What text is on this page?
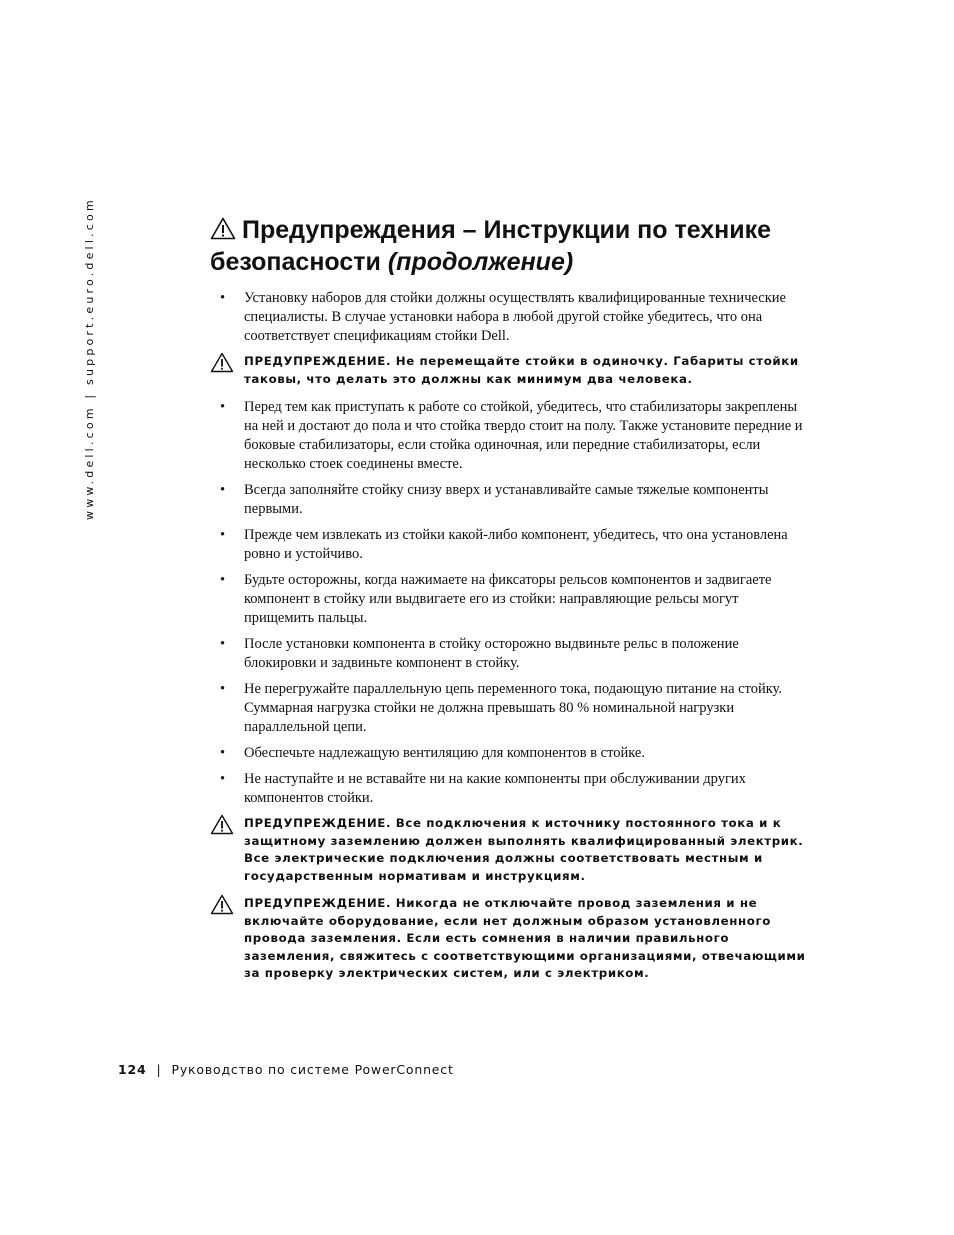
www.dell.com | support.euro.dell.com	Предупреждения – Инструкции по технике безопасности (продолжение)
• Установку наборов для стойки должны осуществлять квалифицированные технические специалисты. В случае установки набора в любой другой стойке убедитесь, что она соответствует спецификациям стойки Dell.
ПРЕДУПРЕЖДЕНИЕ. Не перемещайте стойки в одиночку. Габариты стойки таковы, что делать это должны как минимум два человека.
• Перед тем как приступать к работе со стойкой, убедитесь, что стабилизаторы закреплены на ней и достают до пола и что стойка твердо стоит на полу. Также установите передние и боковые стабилизаторы, если стойка одиночная, или передние стабилизаторы, если несколько стоек соединены вместе.
• Всегда заполняйте стойку снизу вверх и устанавливайте самые тяжелые компоненты первыми.
• Прежде чем извлекать из стойки какой-либо компонент, убедитесь, что она установлена ровно и устойчиво.
• Будьте осторожны, когда нажимаете на фиксаторы рельсов компонентов и задвигаете компонент в стойку или выдвигаете его из стойки: направляющие рельсы могут прищемить пальцы.
• После установки компонента в стойку осторожно выдвиньте рельс в положение блокировки и задвиньте компонент в стойку.
• Не перегружайте параллельную цепь переменного тока, подающую питание на стойку. Суммарная нагрузка стойки не должна превышать 80 % номинальной нагрузки параллельной цепи.
• Обеспечьте надлежащую вентиляцию для компонентов в стойке.
• Не наступайте и не вставайте ни на какие компоненты при обслуживании других компонентов стойки.
ПРЕДУПРЕЖДЕНИЕ. Все подключения к источнику постоянного тока и к защитному заземлению должен выполнять квалифицированный электрик. Все электрические подключения должны соответствовать местным и государственным нормативам и инструкциям.
ПРЕДУПРЕЖДЕНИЕ. Никогда не отключайте провод заземления и не включайте оборудование, если нет должным образом установленного провода заземления. Если есть сомнения в наличии правильного заземления, свяжитесь с соответствующими организациями, отвечающими за проверку электрических систем, или с электриком.
124 | Руководство по системе PowerConnect
